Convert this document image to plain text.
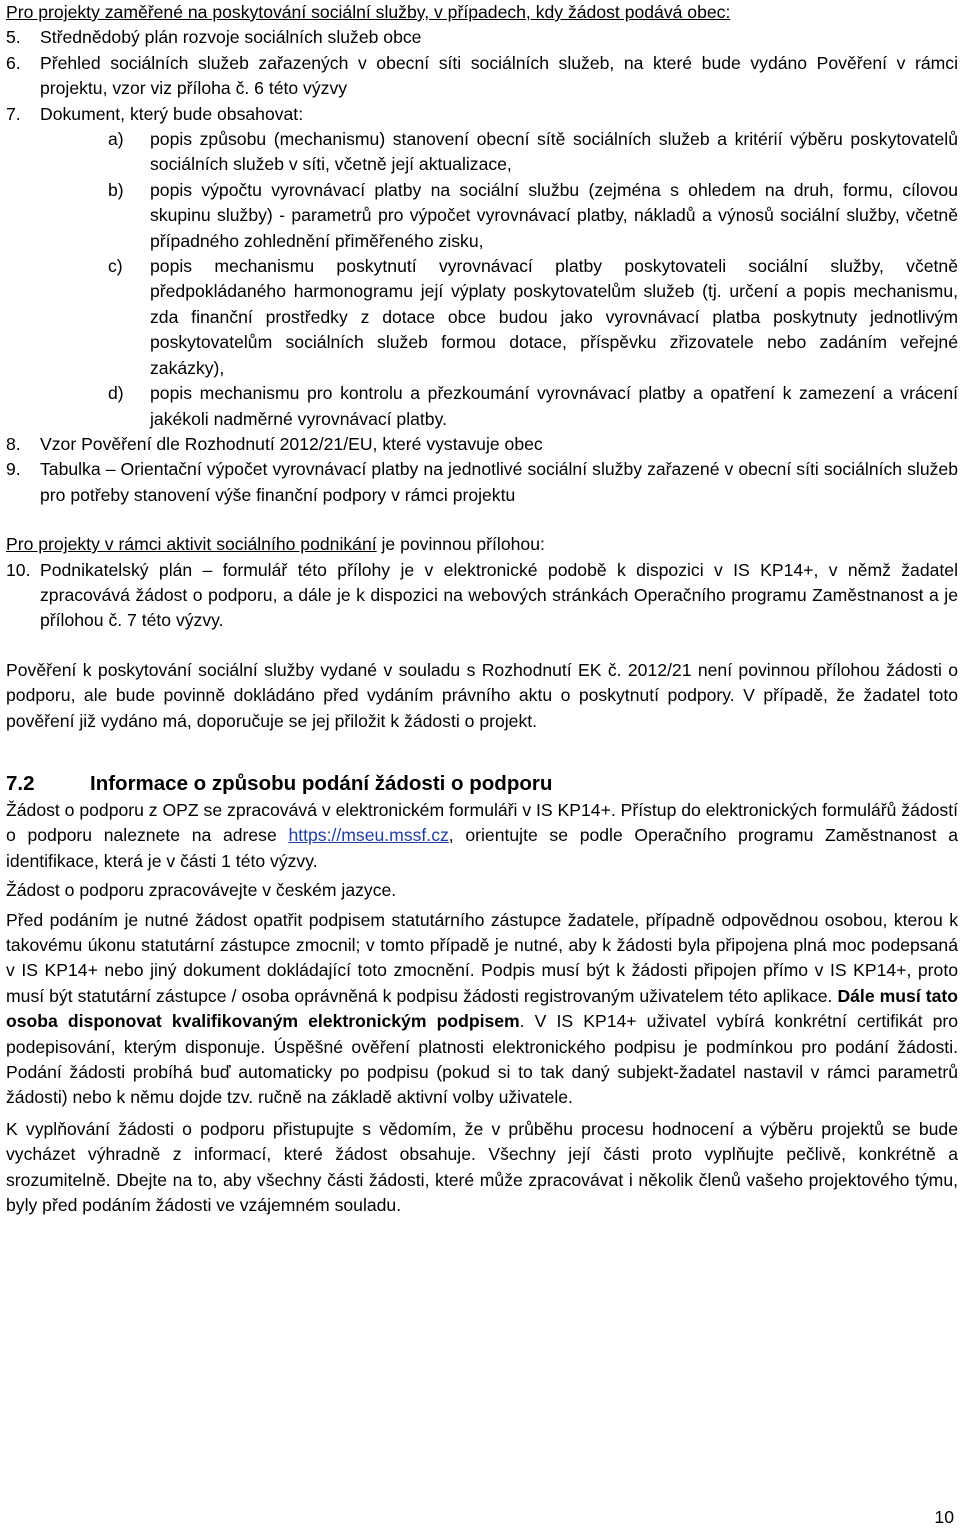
Pro projekty zaměřené na poskytování sociální služby, v případech, kdy žádost podává obec:

5.	Střednědobý plán rozvoje sociálních služeb obce
6.	Přehled sociálních služeb zařazených v obecní síti sociálních služeb, na které bude vydáno Pověření v rámci projektu, vzor viz příloha č. 6 této výzvy
7.	Dokument, který bude obsahovat:
a)	popis způsobu (mechanismu) stanovení obecní sítě sociálních služeb a kritérií výběru poskytovatelů sociálních služeb v síti, včetně její aktualizace,
b)	popis výpočtu vyrovnávací platby na sociální službu (zejména s ohledem na druh, formu, cílovou skupinu služby) - parametrů pro výpočet vyrovnávací platby, nákladů a výnosů sociální služby, včetně případného zohlednění přiměřeného zisku,
c)	popis mechanismu poskytnutí vyrovnávací platby poskytovateli sociální služby, včetně předpokládaného harmonogramu její výplaty poskytovatelům služeb (tj. určení a popis mechanismu, zda finanční prostředky z dotace obce budou jako vyrovnávací platba poskytnuty jednotlivým poskytovatelům sociálních služeb formou dotace, příspěvku zřizovatele nebo zadáním veřejné zakázky),
d)	popis mechanismu pro kontrolu a přezkoumání vyrovnávací platby a opatření k zamezení a vrácení jakékoli nadměrné vyrovnávací platby.
8.	Vzor Pověření dle Rozhodnutí 2012/21/EU, které vystavuje obec
9.	Tabulka – Orientační výpočet vyrovnávací platby na jednotlivé sociální služby zařazené v obecní síti sociálních služeb pro potřeby stanovení výše finanční podpory v rámci projektu

Pro projekty v rámci aktivit sociálního podnikání je povinnou přílohou:

10. Podnikatelský plán – formulář této přílohy je v elektronické podobě k dispozici v IS KP14+, v němž žadatel zpracovává žádost o podporu, a dále je k dispozici na webových stránkách Operačního programu Zaměstnanost a je přílohou č. 7 této výzvy.

Pověření k poskytování sociální služby vydané v souladu s Rozhodnutí EK č. 2012/21 není povinnou přílohou žádosti o podporu, ale bude povinně dokládáno před vydáním právního aktu o poskytnutí podpory. V případě, že žadatel toto pověření již vydáno má, doporučuje se jej přiložit k žádosti o projekt.

7.2	Informace o způsobu podání žádosti o podporu

Žádost o podporu z OPZ se zpracovává v elektronickém formuláři v IS KP14+. Přístup do elektronických formulářů žádostí o podporu naleznete na adrese https://mseu.mssf.cz, orientujte se podle Operačního programu Zaměstnanost a identifikace, která je v části 1 této výzvy.

Žádost o podporu zpracovávejte v českém jazyce.

Před podáním je nutné žádost opatřit podpisem statutárního zástupce žadatele, případně odpovědnou osobou, kterou k takovému úkonu statutární zástupce zmocnil; v tomto případě je nutné, aby k žádosti byla připojena plná moc podepsaná v IS KP14+ nebo jiný dokument dokládající toto zmocnění. Podpis musí být k žádosti připojen přímo v IS KP14+, proto musí být statutární zástupce / osoba oprávněná k podpisu žádosti registrovaným uživatelem této aplikace. Dále musí tato osoba disponovat kvalifikovaným elektronickým podpisem. V IS KP14+ uživatel vybírá konkrétní certifikát pro podepisování, kterým disponuje. Úspěšné ověření platnosti elektronického podpisu je podmínkou pro podání žádosti. Podání žádosti probíhá buď automaticky po podpisu (pokud si to tak daný subjekt-žadatel nastavil v rámci parametrů žádosti) nebo k němu dojde tzv. ručně na základě aktivní volby uživatele.

K vyplňování žádosti o podporu přistupujte s vědomím, že v průběhu procesu hodnocení a výběru projektů se bude vycházet výhradně z informací, které žádost obsahuje. Všechny její části proto vyplňujte pečlivě, konkrétně a srozumitelně. Dbejte na to, aby všechny části žádosti, které může zpracovávat i několik členů vašeho projektového týmu, byly před podáním žádosti ve vzájemném souladu.

10
